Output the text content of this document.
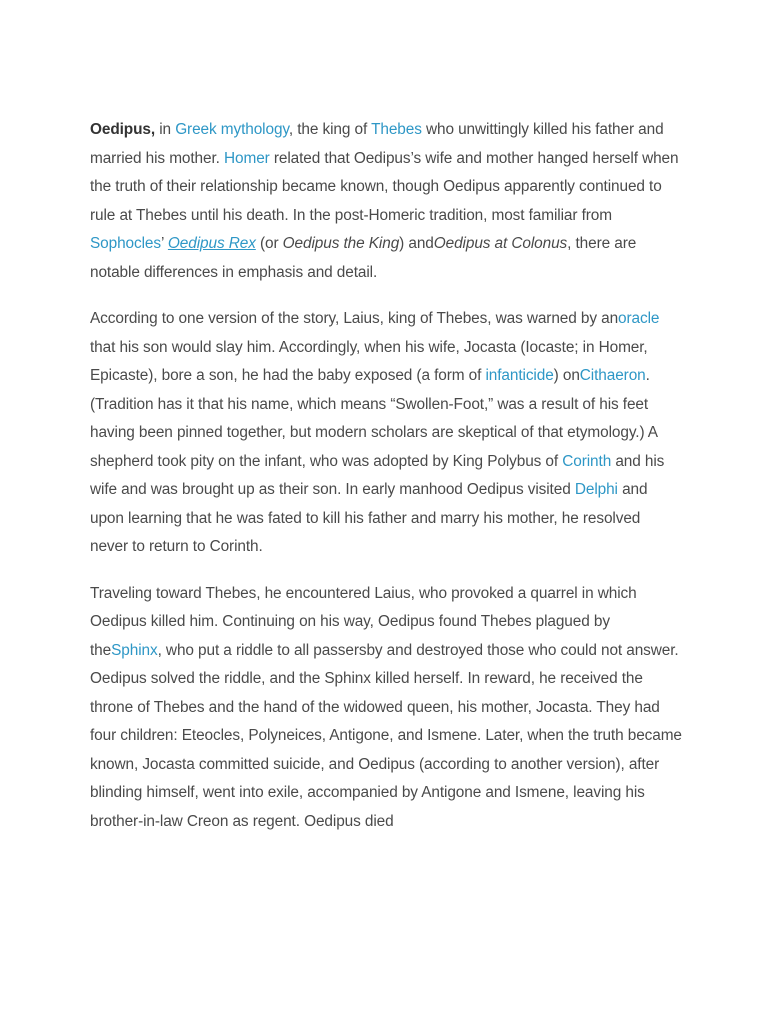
Oedipus, in Greek mythology, the king of Thebes who unwittingly killed his father and married his mother. Homer related that Oedipus’s wife and mother hanged herself when the truth of their relationship became known, though Oedipus apparently continued to rule at Thebes until his death. In the post-Homeric tradition, most familiar from Sophocles’ Oedipus Rex (or Oedipus the King) andOedipus at Colonus, there are notable differences in emphasis and detail.

According to one version of the story, Laius, king of Thebes, was warned by anoracle that his son would slay him. Accordingly, when his wife, Jocasta (Iocaste; in Homer, Epicaste), bore a son, he had the baby exposed (a form of infanticide) onCithaeron. (Tradition has it that his name, which means “Swollen-Foot,” was a result of his feet having been pinned together, but modern scholars are skeptical of that etymology.) A shepherd took pity on the infant, who was adopted by King Polybus of Corinth and his wife and was brought up as their son. In early manhood Oedipus visited Delphi and upon learning that he was fated to kill his father and marry his mother, he resolved never to return to Corinth.

Traveling toward Thebes, he encountered Laius, who provoked a quarrel in which Oedipus killed him. Continuing on his way, Oedipus found Thebes plagued by theSphinx, who put a riddle to all passersby and destroyed those who could not answer. Oedipus solved the riddle, and the Sphinx killed herself. In reward, he received the throne of Thebes and the hand of the widowed queen, his mother, Jocasta. They had four children: Eteocles, Polyneices, Antigone, and Ismene. Later, when the truth became known, Jocasta committed suicide, and Oedipus (according to another version), after blinding himself, went into exile, accompanied by Antigone and Ismene, leaving his brother-in-law Creon as regent. Oedipus died
